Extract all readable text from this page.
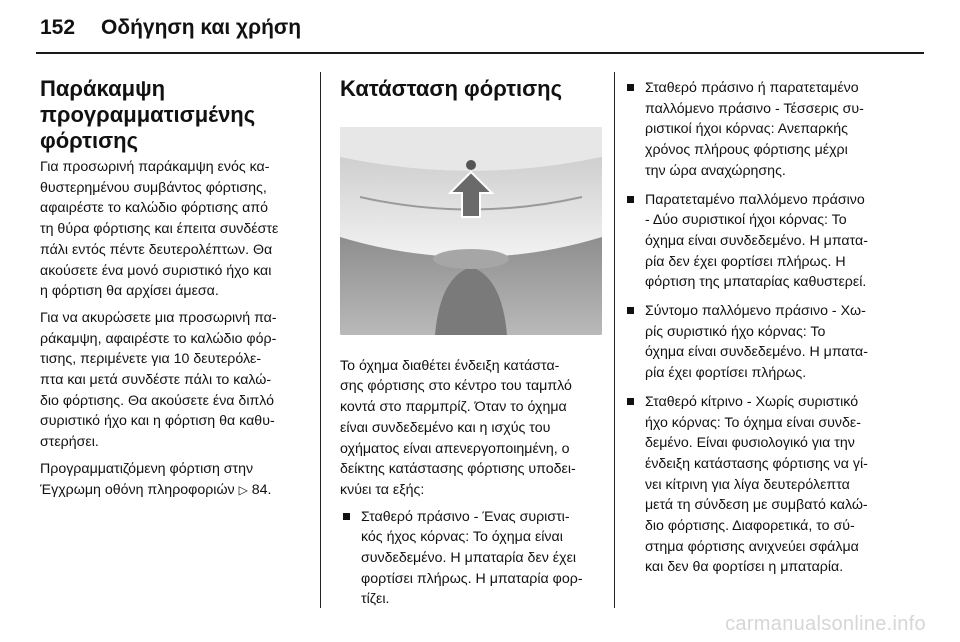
152 Οδήγηση και χρήση
Παράκαμψη
προγραμματισμένης
φόρτισης
Για προσωρινή παράκαμψη ενός κα-
θυστερημένου συμβάντος φόρτισης,
αφαιρέστε το καλώδιο φόρτισης από
τη θύρα φόρτισης και έπειτα συνδέστε
πάλι εντός πέντε δευτερολέπτων. Θα
ακούσετε ένα μονό συριστικό ήχο και
η φόρτιση θα αρχίσει άμεσα.
Για να ακυρώσετε μια προσωρινή πα-
ράκαμψη, αφαιρέστε το καλώδιο φόρ-
τισης, περιμένετε για 10 δευτερόλε-
πτα και μετά συνδέστε πάλι το καλώ-
διο φόρτισης. Θα ακούσετε ένα διπλό
συριστικό ήχο και η φόρτιση θα καθυ-
στερήσει.
Προγραμματιζόμενη φόρτιση στην
Έγχρωμη οθόνη πληροφοριών ▷ 84.
Κατάσταση φόρτισης
Το όχημα διαθέτει ένδειξη κατάστα-
σης φόρτισης στο κέντρο του ταμπλό
κοντά στο παρμπρίζ. Όταν το όχημα
είναι συνδεδεμένο και η ισχύς του
οχήματος είναι απενεργοποιημένη, ο
δείκτης κατάστασης φόρτισης υποδει-
κνύει τα εξής:
Σταθερό πράσινο - Ένας συριστι-
κός ήχος κόρνας: Το όχημα είναι
συνδεδεμένο. Η μπαταρία δεν έχει
φορτίσει πλήρως. Η μπαταρία φορ-
τίζει.
Σταθερό πράσινο ή παρατεταμένο
παλλόμενο πράσινο - Τέσσερις συ-
ριστικοί ήχοι κόρνας: Ανεπαρκής
χρόνος πλήρους φόρτισης μέχρι
την ώρα αναχώρησης.
Παρατεταμένο παλλόμενο πράσινο
- Δύο συριστικοί ήχοι κόρνας: Το
όχημα είναι συνδεδεμένο. Η μπατα-
ρία δεν έχει φορτίσει πλήρως. Η
φόρτιση της μπαταρίας καθυστερεί.
Σύντομο παλλόμενο πράσινο - Χω-
ρίς συριστικό ήχο κόρνας: Το
όχημα είναι συνδεδεμένο. Η μπατα-
ρία έχει φορτίσει πλήρως.
Σταθερό κίτρινο - Χωρίς συριστικό
ήχο κόρνας: Το όχημα είναι συνδε-
δεμένο. Είναι φυσιολογικό για την
ένδειξη κατάστασης φόρτισης να γί-
νει κίτρινη για λίγα δευτερόλεπτα
μετά τη σύνδεση με συμβατό καλώ-
διο φόρτισης. Διαφορετικά, το σύ-
στημα φόρτισης ανιχνεύει σφάλμα
και δεν θα φορτίσει η μπαταρία.
carmanualsonline.info
